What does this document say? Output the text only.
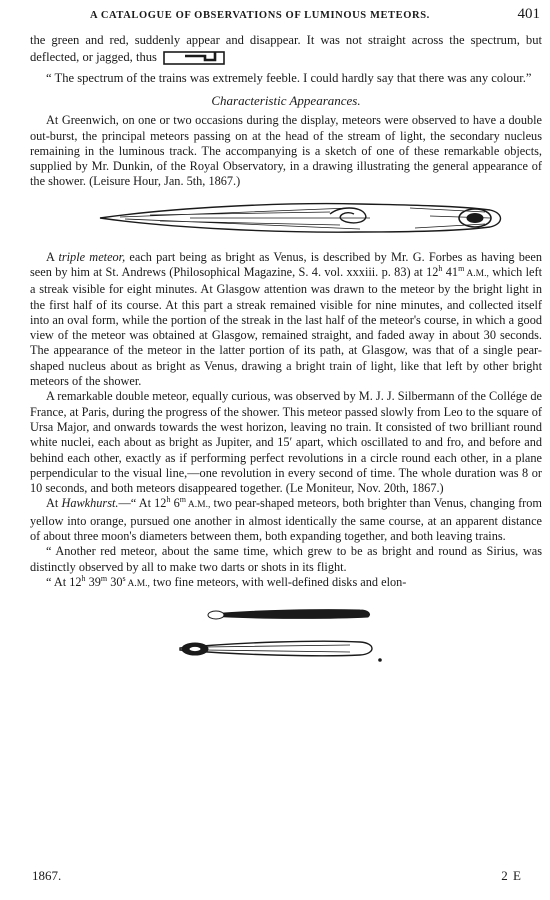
A CATALOGUE OF OBSERVATIONS OF LUMINOUS METEORS.	401

the green and red, suddenly appear and disappear. It was not straight across the spectrum, but deflected, or jagged, thus

“ The spectrum of the trains was extremely feeble. I could hardly say that there was any colour.”

Characteristic Appearances.

At Greenwich, on one or two occasions during the display, meteors were observed to have a double out-burst, the principal meteors passing on at the head of the stream of light, the secondary nucleus remaining in the luminous track. The accompanying is a sketch of one of these remarkable objects, supplied by Mr. Dunkin, of the Royal Observatory, in a drawing illustrating the general appearance of the shower. (Leisure Hour, Jan. 5th, 1867.)

A triple meteor, each part being as bright as Venus, is described by Mr. G. Forbes as having been seen by him at St. Andrews (Philosophical Magazine, S. 4. vol. xxxiii. p. 83) at 12$^h$ 41$^m$ A.M., which left a streak visible for eight minutes. At Glasgow attention was drawn to the meteor by the bright light in the first half of its course. At this part a streak remained visible for nine minutes, and collected itself into an oval form, while the portion of the streak in the last half of the meteor's course, in which a good view of the meteor was obtained at Glasgow, remained straight, and faded away in about 30 seconds. The appearance of the meteor in the latter portion of its path, at Glasgow, was that of a single pear-shaped nucleus about as bright as Venus, drawing a bright train of light, like that left by other bright meteors of the shower.

A remarkable double meteor, equally curious, was observed by M. J. J. Silbermann of the Collége de France, at Paris, during the progress of the shower. This meteor passed slowly from Leo to the square of Ursa Major, and onwards towards the west horizon, leaving no train. It consisted of two brilliant round white nuclei, each about as bright as Jupiter, and 15′ apart, which oscillated to and fro, and before and behind each other, exactly as if performing perfect revolutions in a circle round each other, in a plane perpendicular to the visual line,—one revolution in every second of time. The whole duration was 8 or 10 seconds, and both meteors disappeared together. (Le Moniteur, Nov. 20th, 1867.)

At Hawkhurst.—“ At 12$^h$ 6$^m$ A.M., two pear-shaped meteors, both brighter than Venus, changing from yellow into orange, pursued one another in almost identically the same course, at an apparent distance of about three moon's diameters between them, both expanding together, and both leaving trains.

“ Another red meteor, about the same time, which grew to be as bright and round as Sirius, was distinctly observed by all to make two darts or shots in its flight.

“ At 12$^h$ 39$^m$ 30$^s$ A.M., two fine meteors, with well-defined disks and elon-

1867.	2 E
